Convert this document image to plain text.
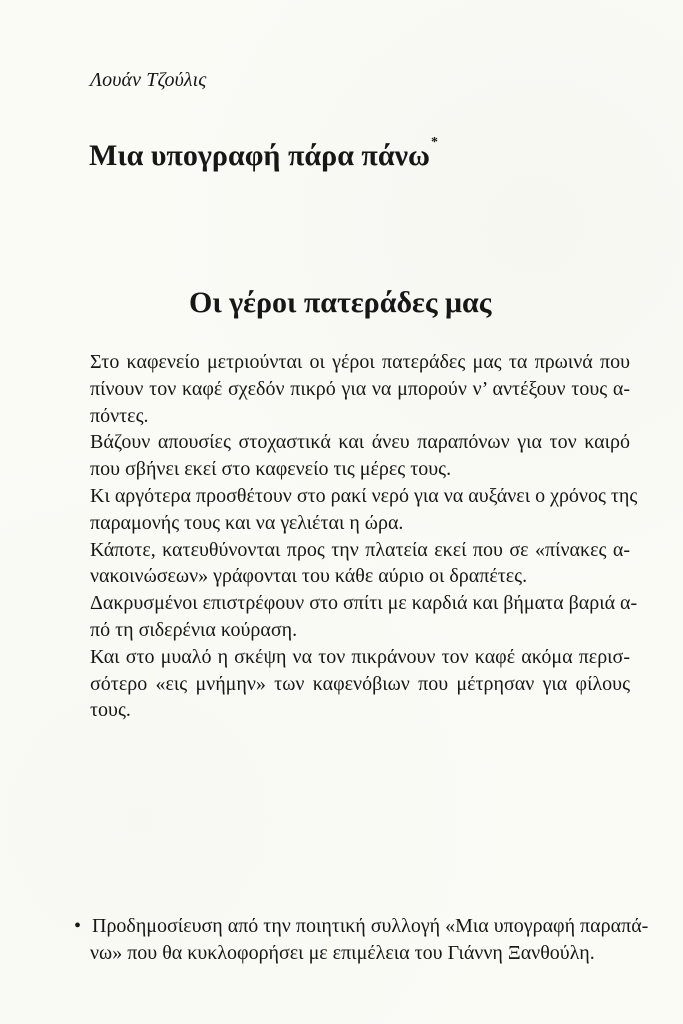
Λουάν Τζούλις
Μια υπογραφή πάρα πάνω*
Οι γέροι πατεράδες μας
Στο καφενείο μετριούνται οι γέροι πατεράδες μας τα πρωινά που
πίνουν τον καφέ σχεδόν πικρό για να μπορούν ν’ αντέξουν τους α-
πόντες.
Βάζουν απουσίες στοχαστικά και άνευ παραπόνων για τον καιρό
που σβήνει εκεί στο καφενείο τις μέρες τους.
Κι αργότερα προσθέτουν στο ρακί νερό για να αυξάνει ο χρόνος της
παραμονής τους και να γελιέται η ώρα.
Κάποτε, κατευθύνονται προς την πλατεία εκεί που σε «πίνακες α-
νακοινώσεων» γράφονται του κάθε αύριο οι δραπέτες.
Δακρυσμένοι επιστρέφουν στο σπίτι με καρδιά και βήματα βαριά α-
πό τη σιδερένια κούραση.
Και στο μυαλό η σκέψη να τον πικράνουν τον καφέ ακόμα περισ-
σότερο «εις μνήμην» των καφενόβιων που μέτρησαν για φίλους
τους.
• Προδημοσίευση από την ποιητική συλλογή «Μια υπογραφή παραπά-
νω» που θα κυκλοφορήσει με επιμέλεια του Γιάννη Ξανθούλη.
